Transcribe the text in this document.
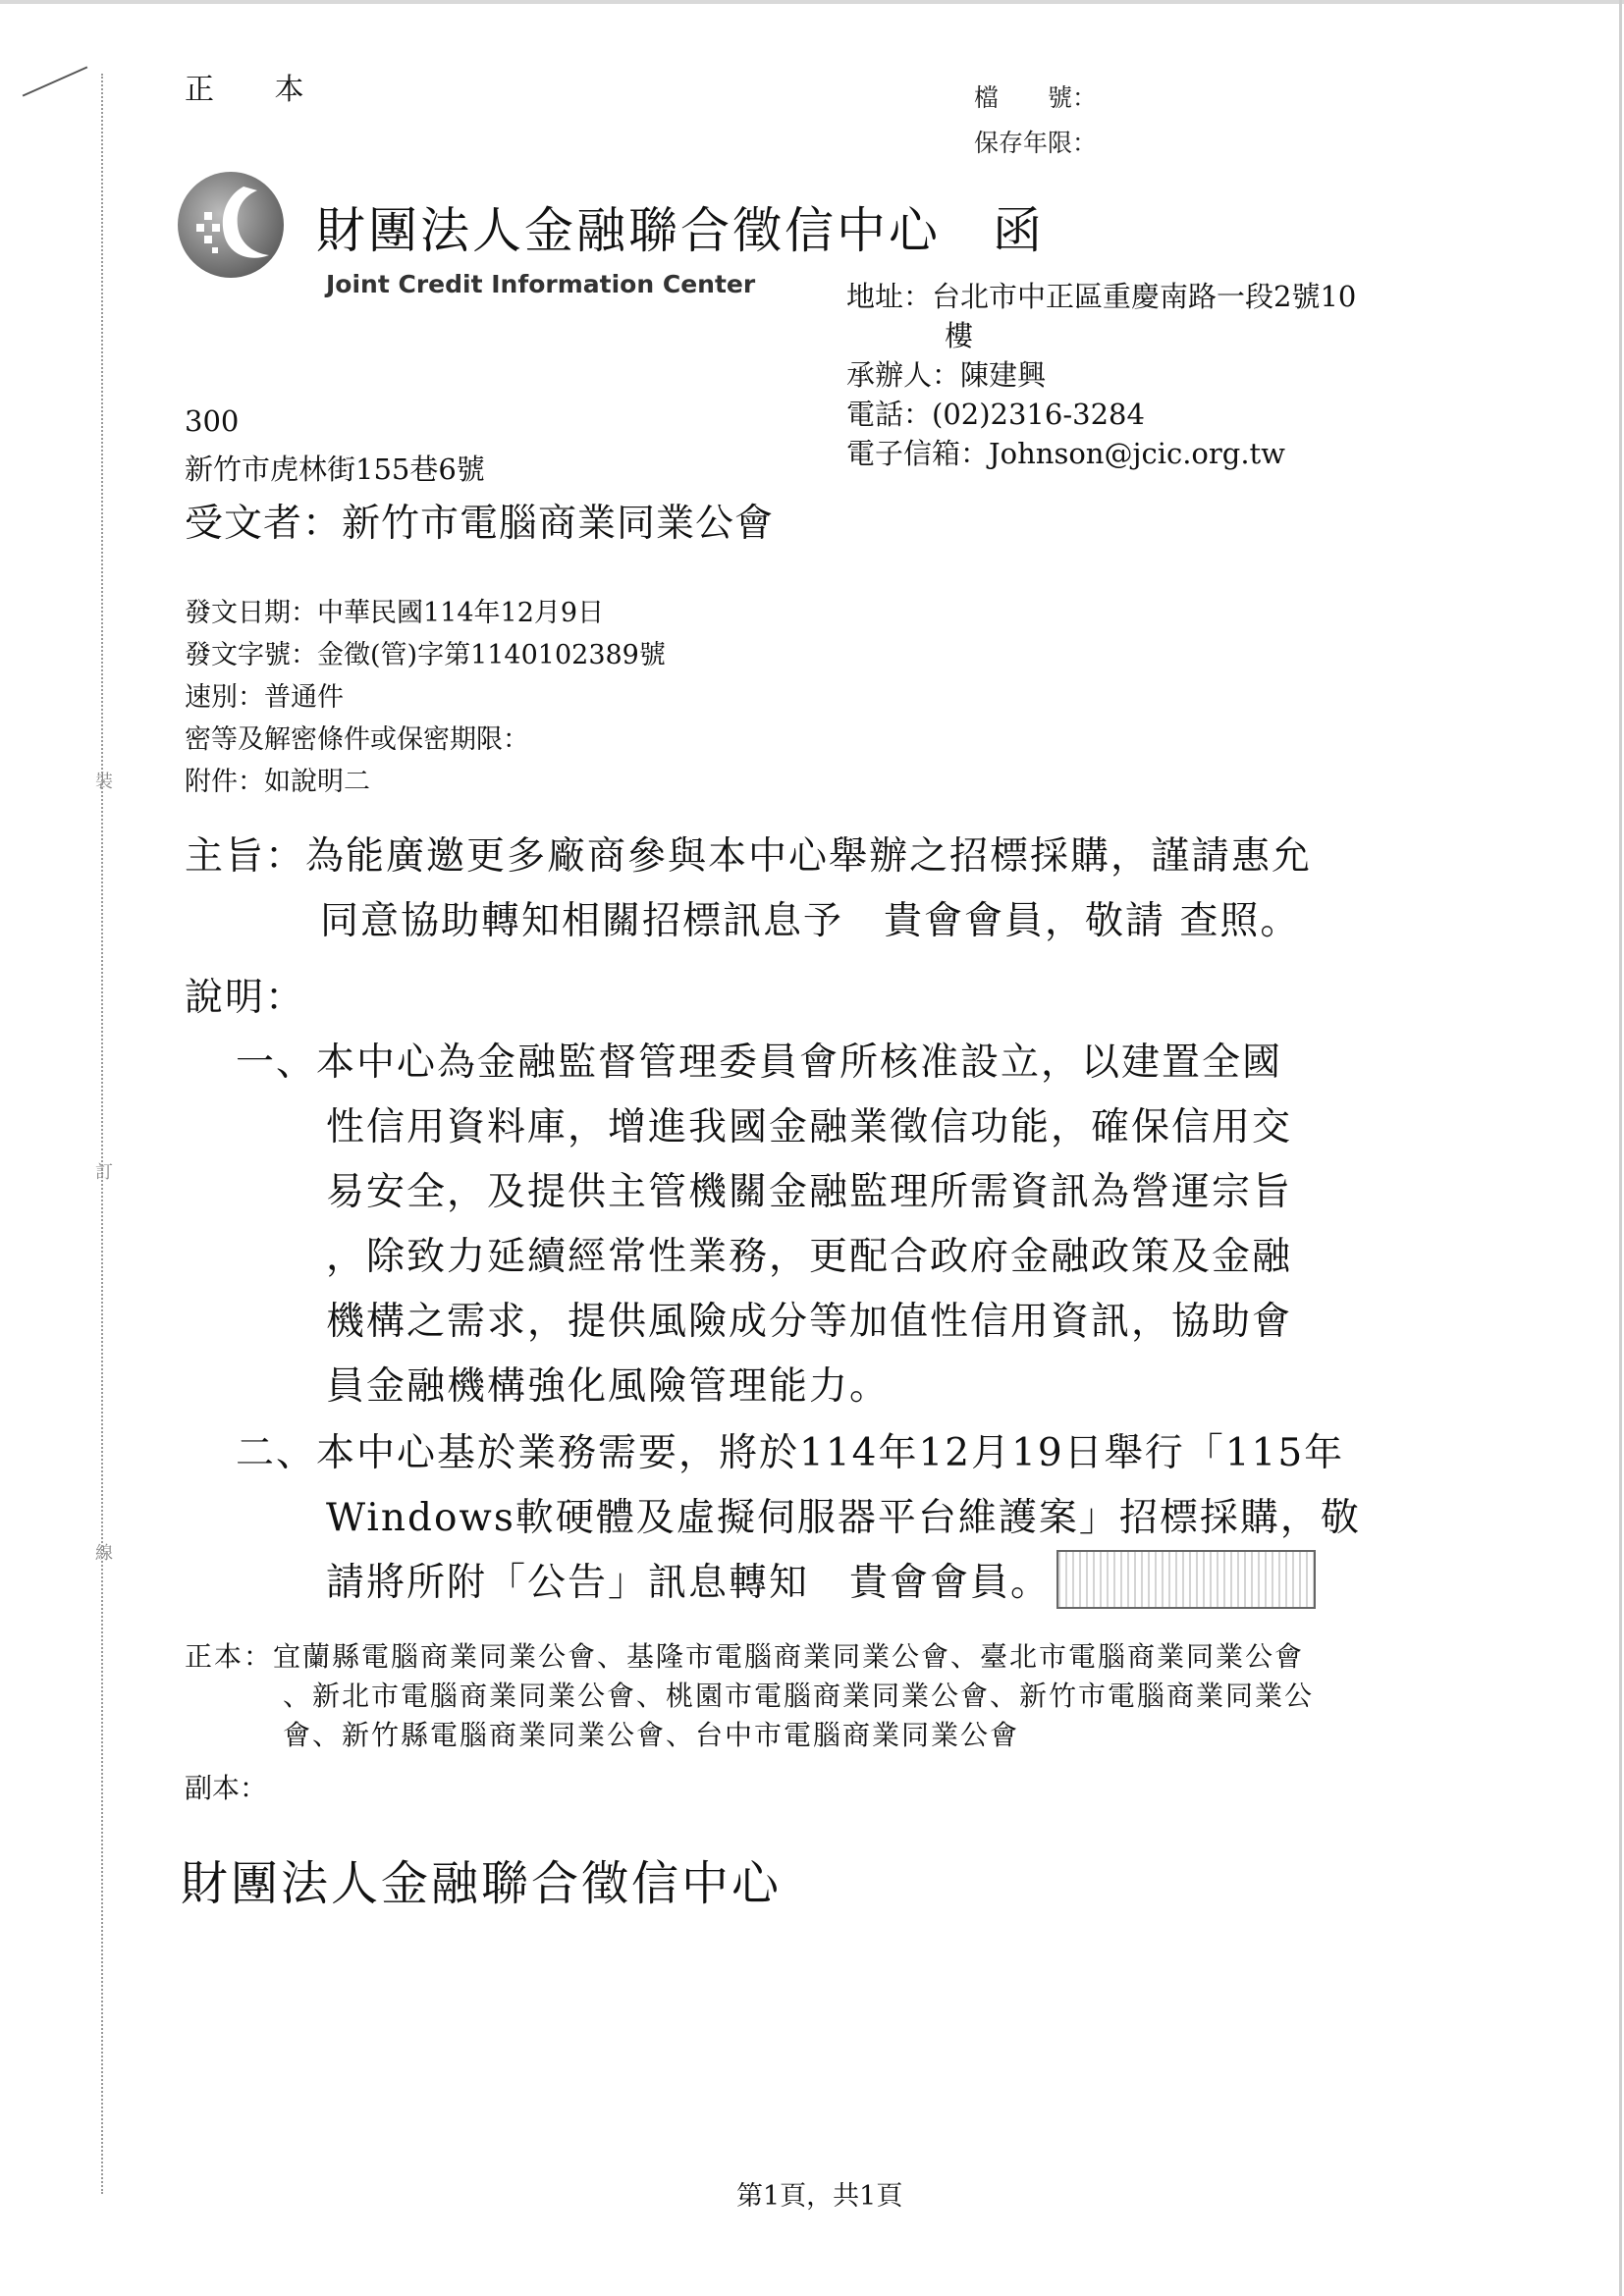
裝
訂
線
正 本	檔　　號：
保存年限：
財團法人金融聯合徵信中心　函
Joint Credit Information Center	地址：台北市中正區重慶南路一段2號10
樓
承辦人：陳建興
電話：(02)2316-3284
電子信箱：Johnson@jcic.org.tw
300
新竹市虎林街155巷6號
受文者：新竹市電腦商業同業公會
發文日期：中華民國114年12月9日
發文字號：金徵(管)字第1140102389號
速別：普通件
密等及解密條件或保密期限：
附件：如說明二
主旨：為能廣邀更多廠商參與本中心舉辦之招標採購，謹請惠允
同意協助轉知相關招標訊息予　貴會會員，敬請 查照。
說明：
一、本中心為金融監督管理委員會所核准設立，以建置全國
性信用資料庫，增進我國金融業徵信功能，確保信用交
易安全，及提供主管機關金融監理所需資訊為營運宗旨
，除致力延續經常性業務，更配合政府金融政策及金融
機構之需求，提供風險成分等加值性信用資訊，協助會
員金融機構強化風險管理能力。
二、本中心基於業務需要，將於114年12月19日舉行「115年
Windows軟硬體及虛擬伺服器平台維護案」招標採購，敬
請將所附「公告」訊息轉知　貴會會員。
正本：宜蘭縣電腦商業同業公會、基隆市電腦商業同業公會、臺北市電腦商業同業公會
、新北市電腦商業同業公會、桃園市電腦商業同業公會、新竹市電腦商業同業公
會、新竹縣電腦商業同業公會、台中市電腦商業同業公會
副本：
財團法人金融聯合徵信中心
第1頁，共1頁
